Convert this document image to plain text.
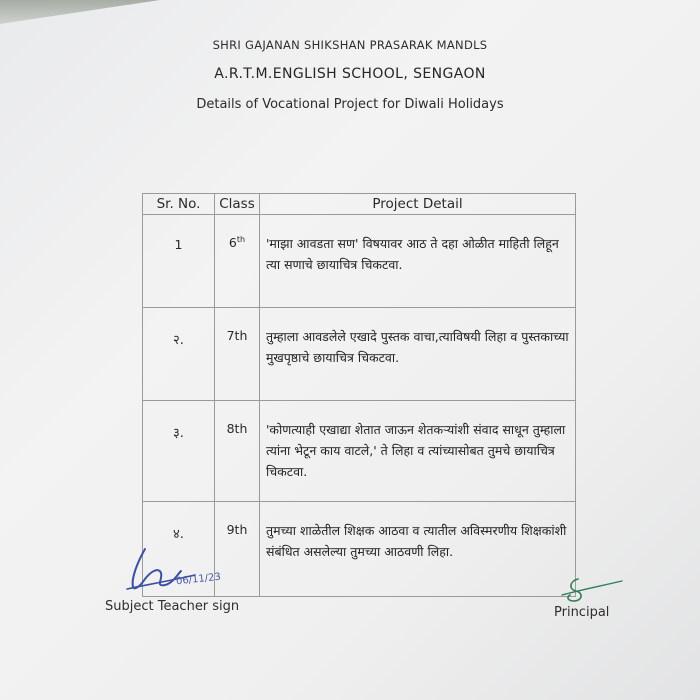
SHRI GAJANAN SHIKSHAN PRASARAK MANDLS
A.R.T.M.ENGLISH SCHOOL, SENGAON
Details of Vocational Project for Diwali Holidays
Sr. No.	Class	Project Detail
1	6th	'माझा आवडता सण' विषयावर आठ ते दहा ओळीत माहिती लिहून त्या सणाचे छायाचित्र चिकटवा.
२.	7th	तुम्हाला आवडलेले एखादे पुस्तक वाचा,त्याविषयी लिहा व पुस्तकाच्या मुखपृष्ठाचे छायाचित्र चिकटवा.
३.	8th	'कोणत्याही एखाद्या शेतात जाऊन शेतकऱ्यांशी संवाद साधून तुम्हाला त्यांना भेटून काय वाटले,' ते लिहा व त्यांच्यासोबत तुमचे छायाचित्र चिकटवा.
४.	9th	तुमच्या शाळेतील शिक्षक आठवा व त्यातील अविस्मरणीय शिक्षकांशी संबंधित असलेल्या तुमच्या आठवणी लिहा.
06/11/23
Subject Teacher sign	Principal
